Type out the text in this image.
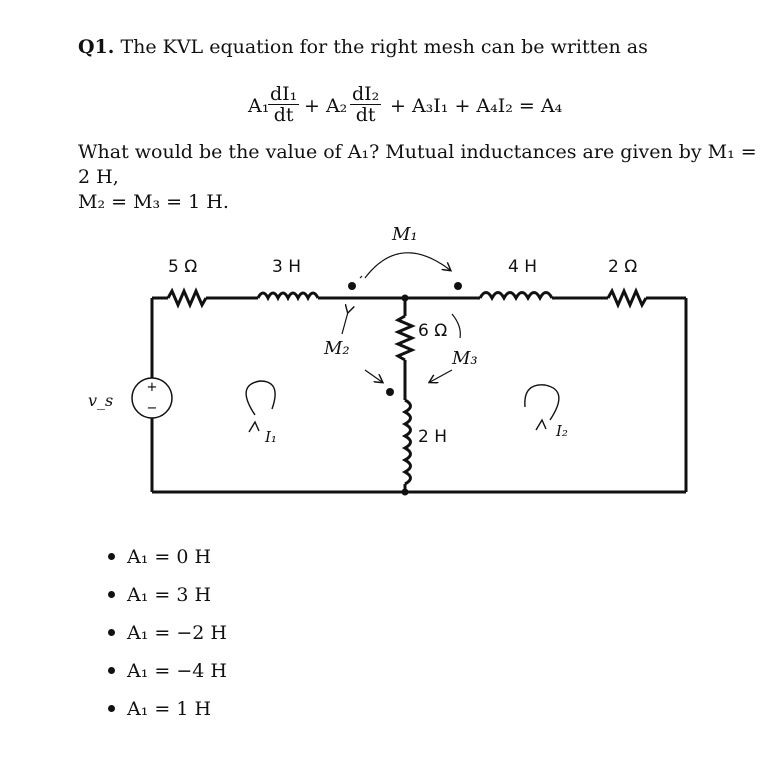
Q1. The KVL equation for the right mesh can be written as
A₁
$\frac{\text{dI₁}}{dt} + A_2 \frac{\text{dI₂}}{dt} + A_3I_1 + A_4I_2 = A_4$
What would be the value of A₁? Mutual inductances are given by M₁ = 2 H,
M₂ = M₃ = 1 H.
+
−
5 Ω	3 H	4 H	2 Ω
6 Ω
2 H
M₁
M₂	M₃
v_s
I₁	I₂
A₁ = 0 H
A₁ = 3 H
A₁ = −2 H
A₁ = −4 H
A₁ = 1 H
